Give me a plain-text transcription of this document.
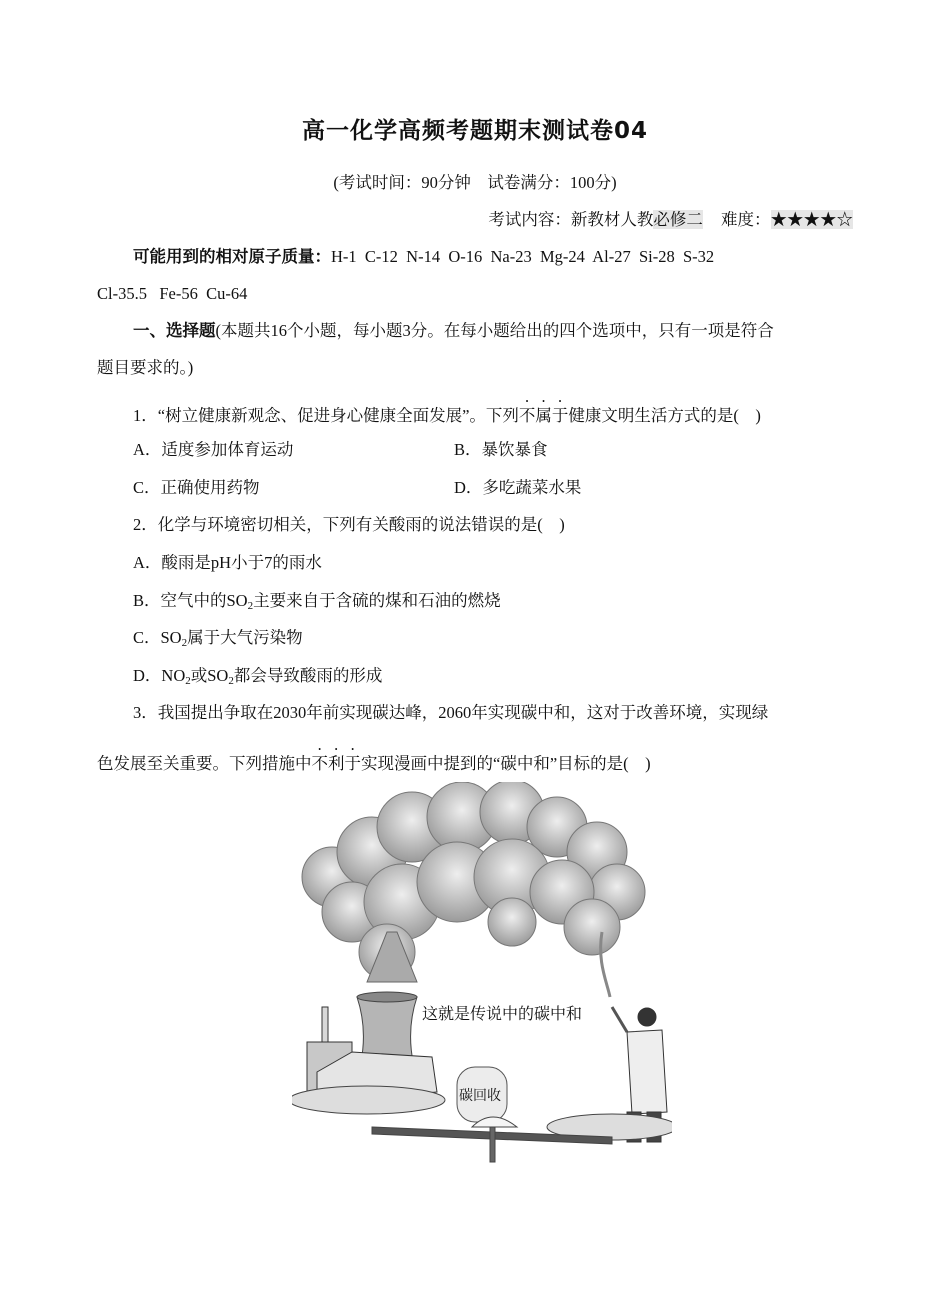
高一化学高频考题期末测试卷04
(考试时间：90分钟　试卷满分：100分)
考试内容：新教材人教必修二 难度：★★★★☆
可能用到的相对原子质量：H-1  C-12  N-14  O-16  Na-23  Mg-24  Al-27  Si-28  S-32
Cl-35.5   Fe-56  Cu-64
一、选择题(本题共16个小题，每小题3分。在每小题给出的四个选项中，只有一项是符合
题目要求的。)
1．“树立健康新观念、促进身心健康全面发展”。下列不属于健康文明生活方式的是(　)
A．适度参加体育运动	B．暴饮暴食
C．正确使用药物	D．多吃蔬菜水果
2．化学与环境密切相关，下列有关酸雨的说法错误的是(　)
A．酸雨是pH小于7的雨水
B．空气中的$SO_2$主要来自于含硫的煤和石油的燃烧
C．$SO_2$属于大气污染物
D．$NO_2$或$SO_2$都会导致酸雨的形成
3．我国提出争取在2030年前实现碳达峰，2060年实现碳中和，这对于改善环境，实现绿
色发展至关重要。下列措施中不利于实现漫画中提到的“碳中和”目标的是(　)
这就是传说中的碳中和
碳回收
